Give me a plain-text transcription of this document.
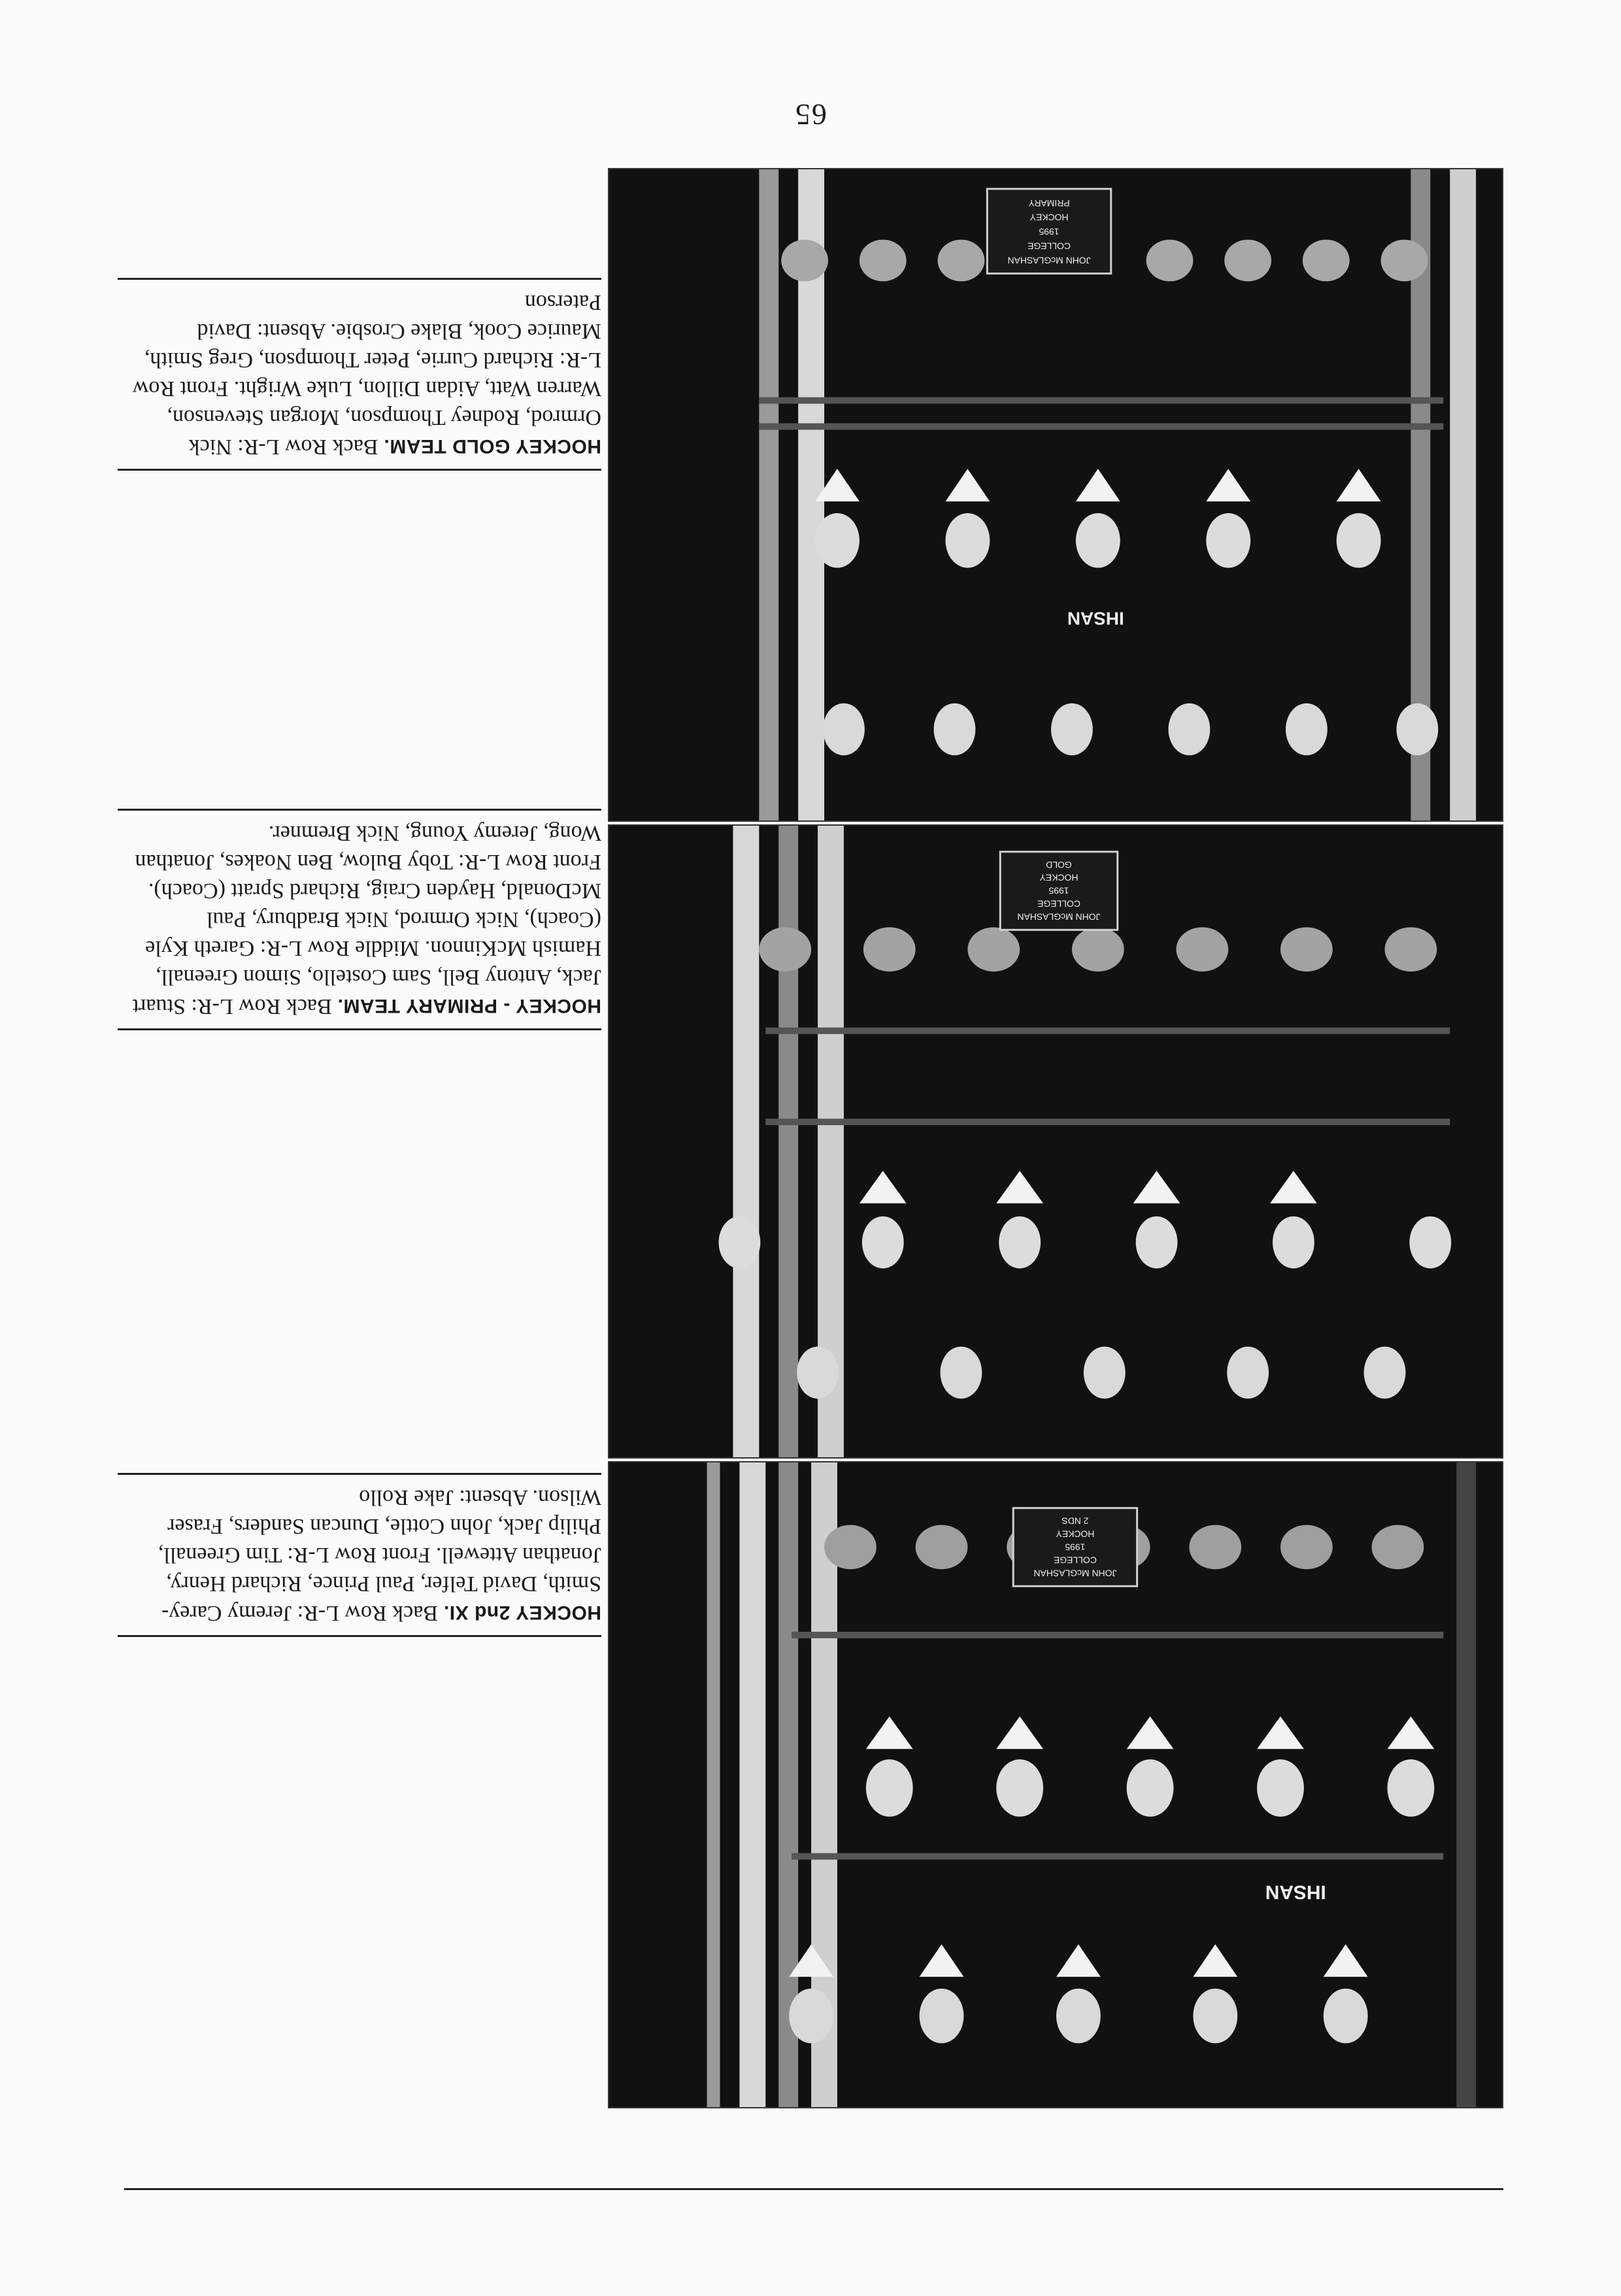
JOHN McGLASHAN
COLLEGE
1995
HOCKEY
2 NDS
IHSAN
HOCKEY 2nd XI. Back Row L-R: Jeremy Carey-Smith, David Telfer, Paul Prince, Richard Henry, Jonathan Attewell. Front Row L-R: Tim Greenall, Philip Jack, John Cottle, Duncan Sanders, Fraser Wilson. Absent: Jake Rollo
JOHN McGLASHAN
COLLEGE
1995
HOCKEY
GOLD
HOCKEY - PRIMARY TEAM. Back Row L-R: Stuart Jack, Antony Bell, Sam Costello, Simon Greenall, Hamish McKinnon. Middle Row L-R: Gareth Kyle (Coach), Nick Ormrod, Nick Bradbury, Paul McDonald, Hayden Craig, Richard Spratt (Coach). Front Row L-R: Toby Bulow, Ben Noakes, Jonathan Wong, Jeremy Young, Nick Bremner.
JOHN McGLASHAN
COLLEGE
1995
HOCKEY
PRIMARY
IHSAN
HOCKEY GOLD TEAM. Back Row L-R: Nick Ormrod, Rodney Thompson, Morgan Stevenson, Warren Watt, Aidan Dillon, Luke Wright. Front Row L-R: Richard Currie, Peter Thompson, Greg Smith, Maurice Cook, Blake Crosbie. Absent: David Paterson
65
